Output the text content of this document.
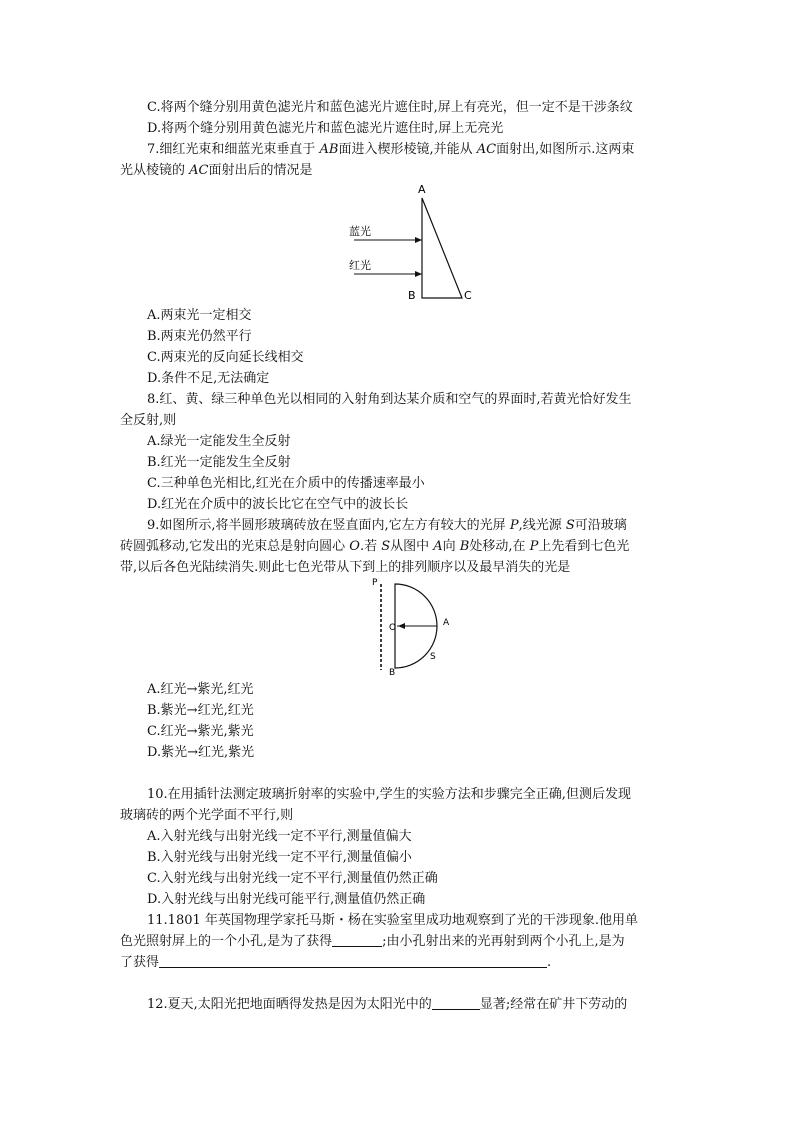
C.将两个缝分别用黄色滤光片和蓝色滤光片遮住时,屏上有亮光，但一定不是干涉条纹
D.将两个缝分别用黄色滤光片和蓝色滤光片遮住时,屏上无亮光
7.细红光束和细蓝光束垂直于 AB面进入楔形棱镜,并能从 AC面射出,如图所示.这两束
光从棱镜的 AC面射出后的情况是
A
B	C
蓝光
红光
A.两束光一定相交
B.两束光仍然平行
C.两束光的反向延长线相交
D.条件不足,无法确定
8.红、黄、绿三种单色光以相同的入射角到达某介质和空气的界面时,若黄光恰好发生
全反射,则
A.绿光一定能发生全反射
B.红光一定能发生全反射
C.三种单色光相比,红光在介质中的传播速率最小
D.红光在介质中的波长比它在空气中的波长长
9.如图所示,将半圆形玻璃砖放在竖直面内,它左方有较大的光屏 P,线光源 S可沿玻璃
砖圆弧移动,它发出的光束总是射向圆心 O.若 S从图中 A向 B处移动,在 P上先看到七色光
带,以后各色光陆续消失.则此七色光带从下到上的排列顺序以及最早消失的光是
P
O	A
B
S
A.红光→紫光,红光
B.紫光→红光,红光
C.红光→紫光,紫光
D.紫光→红光,紫光
10.在用插针法测定玻璃折射率的实验中,学生的实验方法和步骤完全正确,但测后发现
玻璃砖的两个光学面不平行,则
A.入射光线与出射光线一定不平行,测量值偏大
B.入射光线与出射光线一定不平行,测量值偏小
C.入射光线与出射光线一定不平行,测量值仍然正确
D.入射光线与出射光线可能平行,测量值仍然正确
11.1801 年英国物理学家托马斯・杨在实验室里成功地观察到了光的干涉现象.他用单
色光照射屏上的一个小孔,是为了获得	;由小孔射出来的光再射到两个小孔上,是为
了获得	.
12.夏天,太阳光把地面晒得发热是因为太阳光中的	显著;经常在矿井下劳动的
